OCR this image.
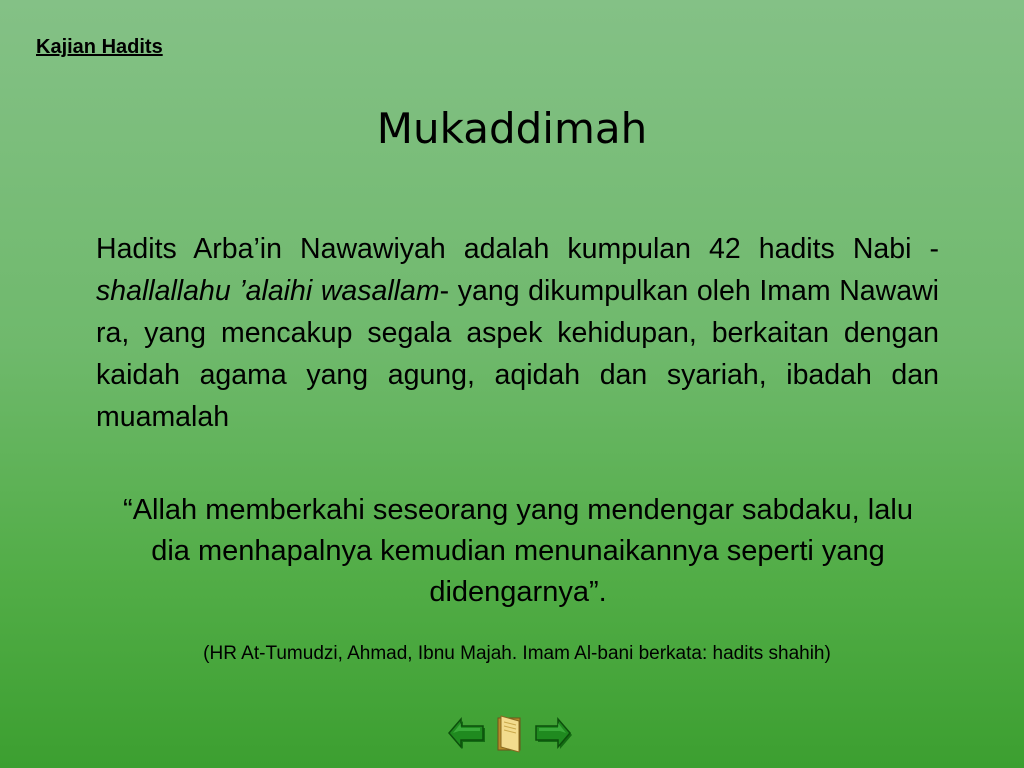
Kajian Hadits
Mukaddimah
Hadits Arba’in Nawawiyah adalah kumpulan 42 hadits Nabi -shallallahu ’alaihi wasallam- yang dikumpulkan oleh Imam Nawawi ra, yang mencakup segala aspek kehidupan, berkaitan dengan kaidah agama yang agung, aqidah dan syariah, ibadah dan muamalah
“Allah memberkahi seseorang yang mendengar sabdaku, lalu dia menhapalnya kemudian menunaikannya seperti yang didengarnya”.
(HR At-Tumudzi, Ahmad, Ibnu Majah. Imam Al-bani berkata: hadits shahih)
